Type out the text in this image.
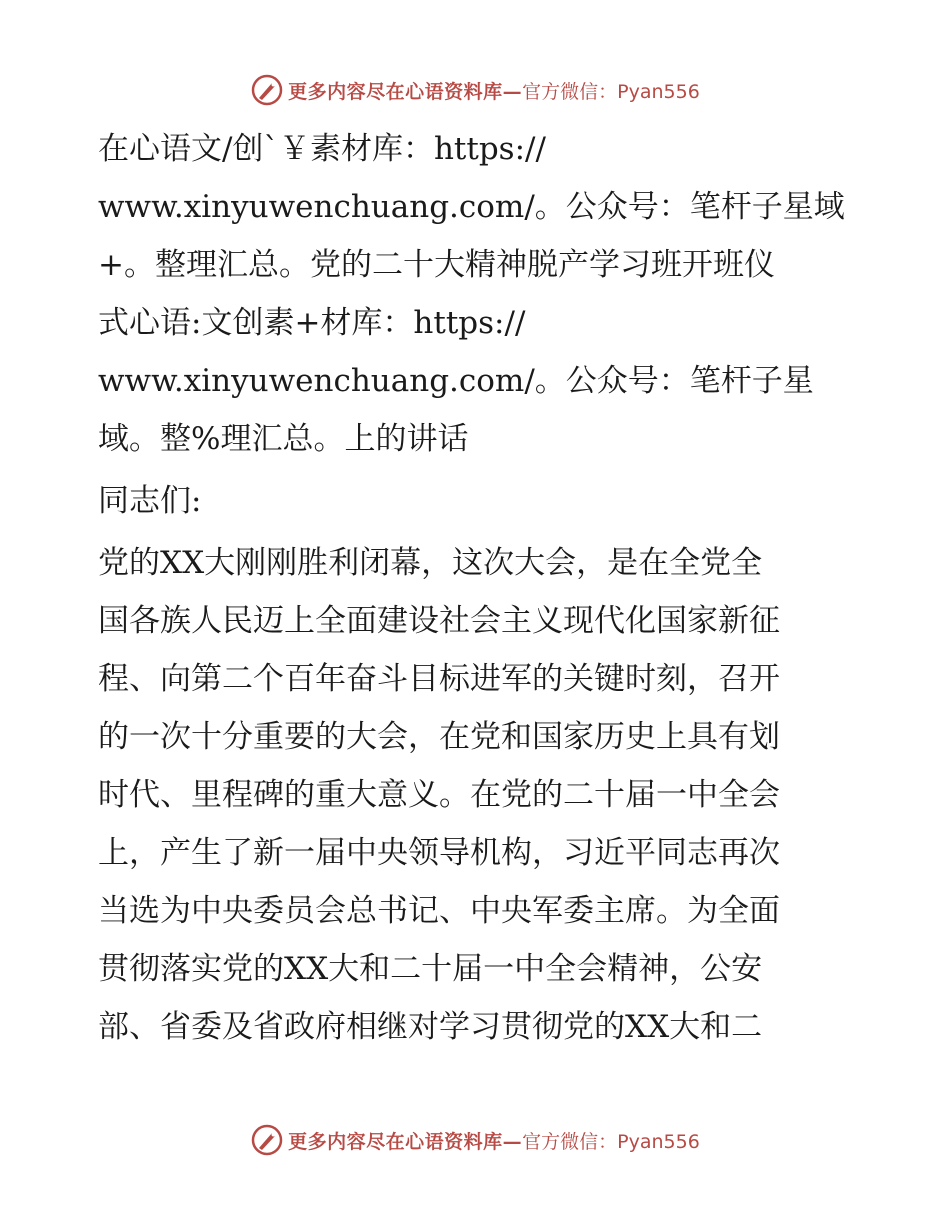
更多内容尽在心语资料库— 官方微信：Pyan556
在心语文/创`￥素材库：https://
www.xinyuwenchuang.com/。公众号：笔杆子星域
+。整理汇总。党的二十大精神脱产学习班开班仪
式心语:文创素+材库：https://
www.xinyuwenchuang.com/。公众号：笔杆子星
域。整%理汇总。上的讲话
同志们:
党的XX大刚刚胜利闭幕，这次大会，是在全党全
国各族人民迈上全面建设社会主义现代化国家新征
程、向第二个百年奋斗目标进军的关键时刻，召开
的一次十分重要的大会，在党和国家历史上具有划
时代、里程碑的重大意义。在党的二十届一中全会
上，产生了新一届中央领导机构，习近平同志再次
当选为中央委员会总书记、中央军委主席。为全面
贯彻落实党的XX大和二十届一中全会精神，公安
部、省委及省政府相继对学习贯彻党的XX大和二
更多内容尽在心语资料库— 官方微信：Pyan556
